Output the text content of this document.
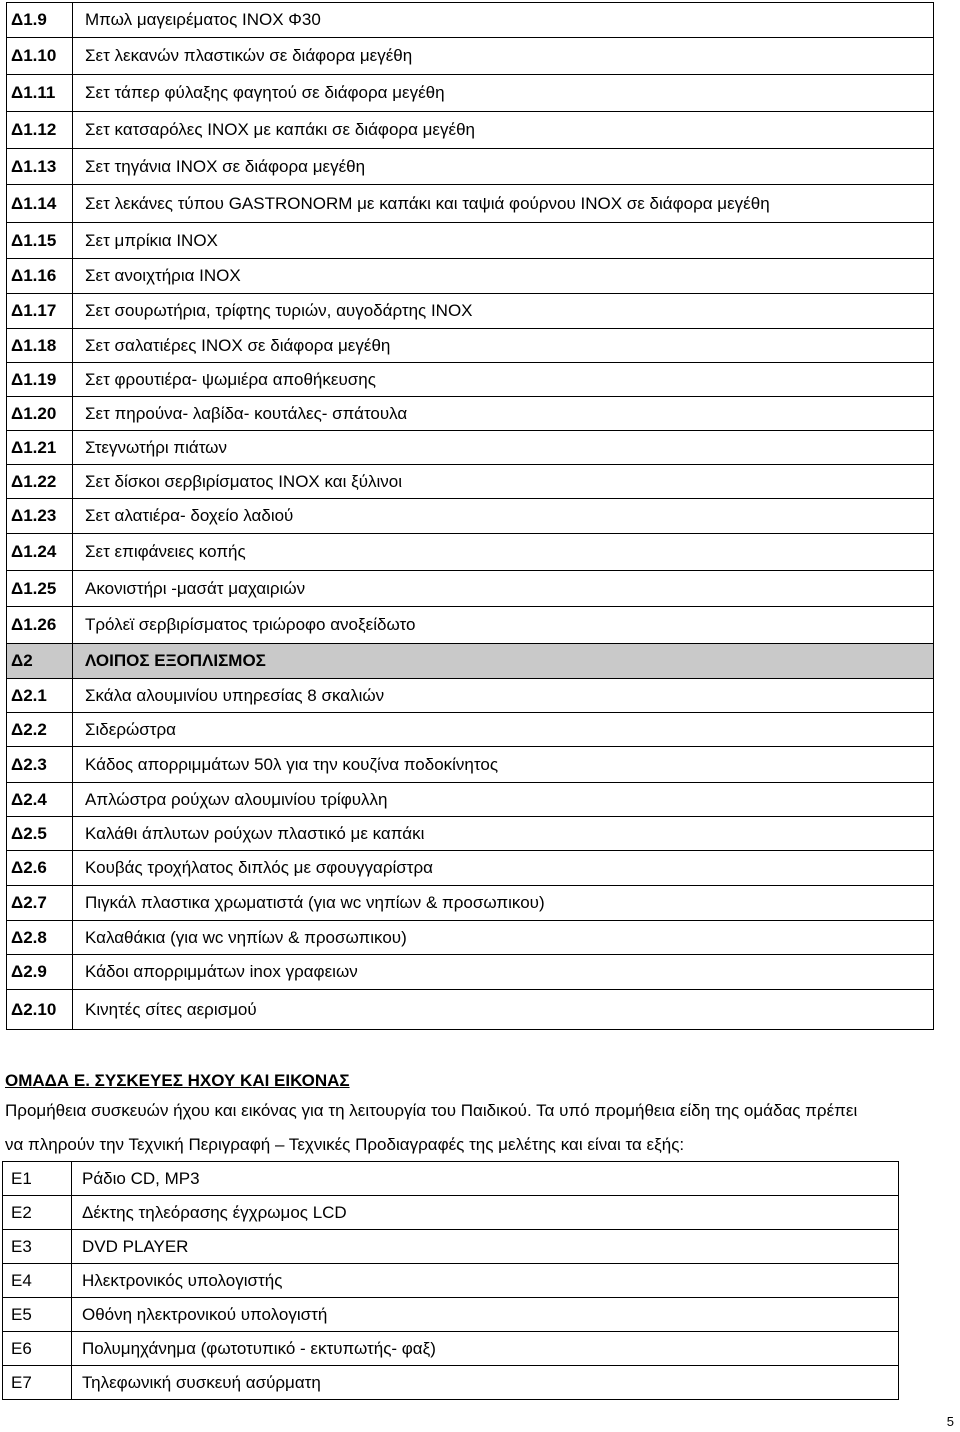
Δ1.9	Μπωλ μαγειρέματος INOX Φ30
Δ1.10	Σετ λεκανών πλαστικών σε διάφορα μεγέθη
Δ1.11	Σετ τάπερ φύλαξης φαγητού σε διάφορα μεγέθη
Δ1.12	Σετ κατσαρόλες INOX με καπάκι σε διάφορα μεγέθη
Δ1.13	Σετ τηγάνια INOX σε διάφορα μεγέθη
Δ1.14	Σετ λεκάνες τύπου GASTRONORM με καπάκι και ταψιά φούρνου INOX σε διάφορα μεγέθη
Δ1.15	Σετ μπρίκια INOX
Δ1.16	Σετ ανοιχτήρια INOX
Δ1.17	Σετ σουρωτήρια, τρίφτης τυριών, αυγοδάρτης INOX
Δ1.18	Σετ σαλατιέρες INOX σε διάφορα μεγέθη
Δ1.19	Σετ φρουτιέρα- ψωμιέρα αποθήκευσης
Δ1.20	Σετ πηρούνα- λαβίδα- κουτάλες- σπάτουλα
Δ1.21	Στεγνωτήρι πιάτων
Δ1.22	Σετ δίσκοι σερβιρίσματος INOX και ξύλινοι
Δ1.23	Σετ αλατιέρα- δοχείο λαδιού
Δ1.24	Σετ επιφάνειες κοπής
Δ1.25	Ακονιστήρι -μασάτ μαχαιριών
Δ1.26	Τρόλεϊ σερβιρίσματος τριώροφο ανοξείδωτο
Δ2	ΛΟΙΠΟΣ ΕΞΟΠΛΙΣΜΟΣ
Δ2.1	Σκάλα αλουμινίου υπηρεσίας 8 σκαλιών
Δ2.2	Σιδερώστρα
Δ2.3	Κάδος απορριμμάτων 50λ για την κουζίνα ποδοκίνητος
Δ2.4	Απλώστρα ρούχων αλουμινίου τρίφυλλη
Δ2.5	Καλάθι άπλυτων ρούχων πλαστικό με καπάκι
Δ2.6	Κουβάς τροχήλατος διπλός με σφουγγαρίστρα
Δ2.7	Πιγκάλ πλαστικα χρωματιστά (για wc νηπίων & προσωπικου)
Δ2.8	Καλαθάκια (για wc νηπίων & προσωπικου)
Δ2.9	Κάδοι απορριμμάτων inox γραφειων
Δ2.10	Κινητές σίτες αερισμού
ΟΜΑΔΑ Ε. ΣΥΣΚΕΥΕΣ ΗΧΟΥ ΚΑΙ ΕΙΚΟΝΑΣ
Προμήθεια συσκευών ήχου και εικόνας για τη λειτουργία του Παιδικού. Τα υπό προμήθεια είδη της ομάδας πρέπει
να πληρούν την Τεχνική Περιγραφή – Τεχνικές Προδιαγραφές της μελέτης και είναι τα εξής:
Ε1	Ράδιο CD, MP3
Ε2	Δέκτης τηλεόρασης έγχρωμος LCD
Ε3	DVD PLAYER
Ε4	Ηλεκτρονικός υπολογιστής
Ε5	Οθόνη ηλεκτρονικού υπολογιστή
Ε6	Πολυμηχάνημα (φωτοτυπικό - εκτυπωτής- φαξ)
Ε7	Τηλεφωνική συσκευή ασύρματη
5
